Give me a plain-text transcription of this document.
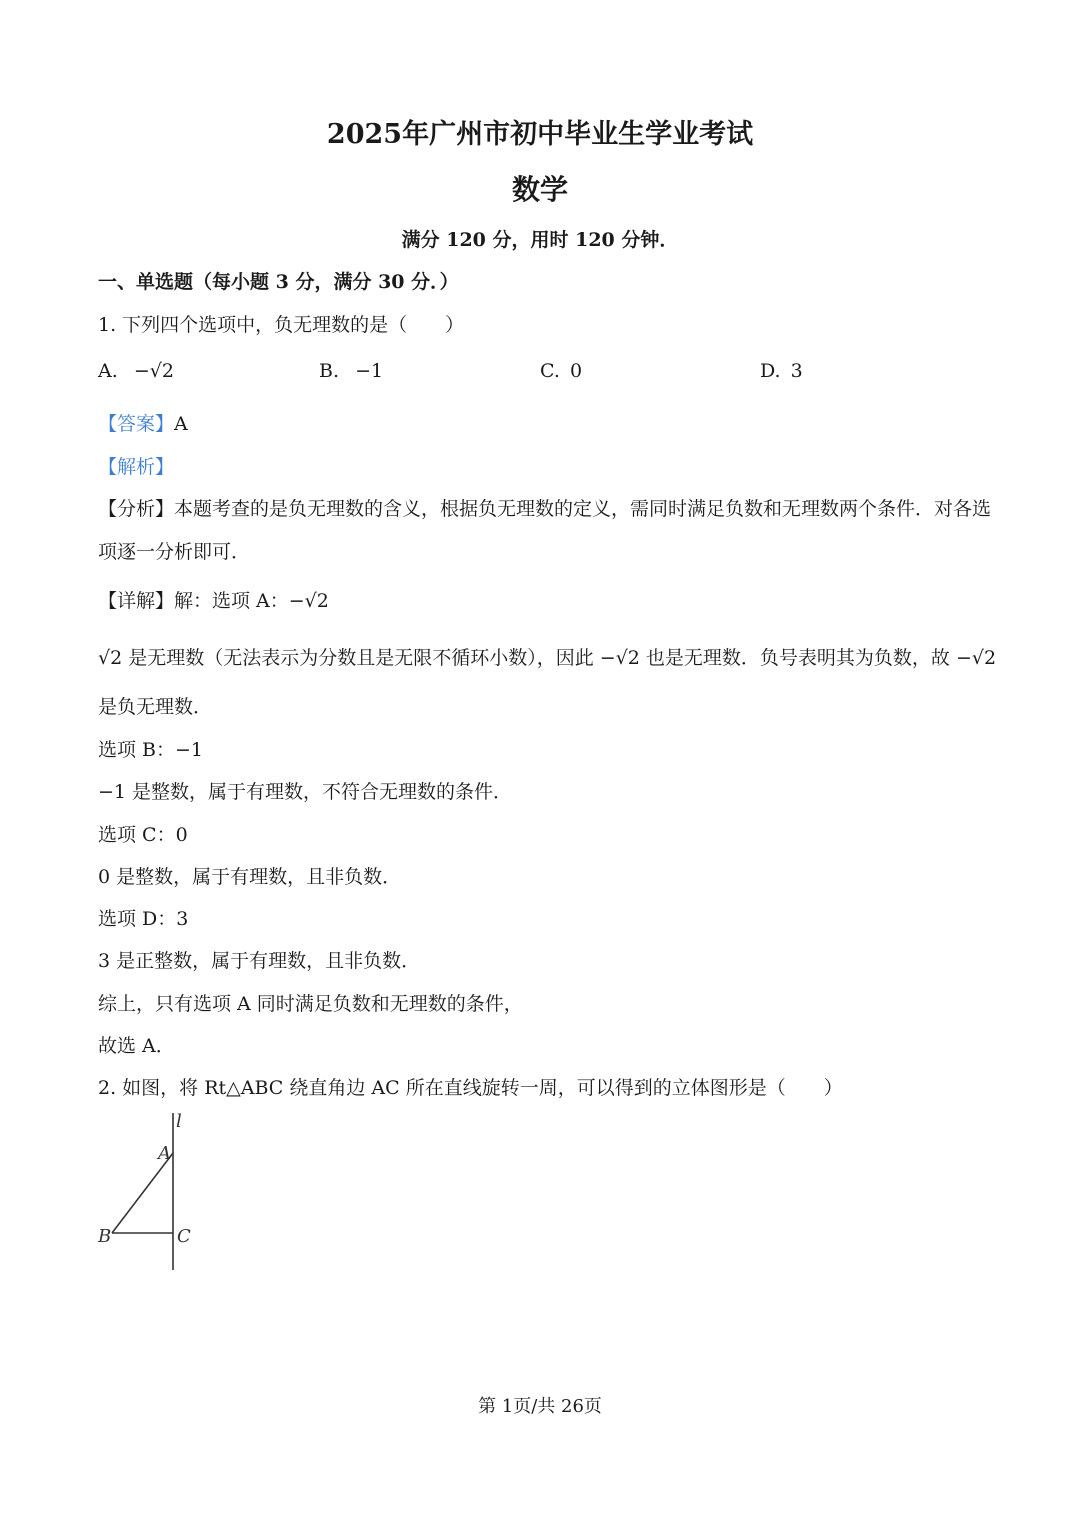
2025年广州市初中毕业生学业考试
数学
满分 120 分，用时 120 分钟．
一、单选题（每小题 3 分，满分 30 分．）
1. 下列四个选项中，负无理数的是（　　）
A. −√2	B. −1	C. 0	D. 3
【答案】A
【解析】
【分析】本题考查的是负无理数的含义，根据负无理数的定义，需同时满足负数和无理数两个条件．对各选
项逐一分析即可．
【详解】解：选项 A：−√2
√2 是无理数（无法表示为分数且是无限不循环小数），因此 −√2 也是无理数．负号表明其为负数，故 −√2
是负无理数．
选项 B：−1
−1 是整数，属于有理数，不符合无理数的条件．
选项 C：0
0 是整数，属于有理数，且非负数．
选项 D：3
3 是正整数，属于有理数，且非负数．
综上，只有选项 A 同时满足负数和无理数的条件，
故选 A．
2. 如图，将 Rt△ABC 绕直角边 AC 所在直线旋转一周，可以得到的立体图形是（　　）
l
A
B	C
第 1页/共 26页
